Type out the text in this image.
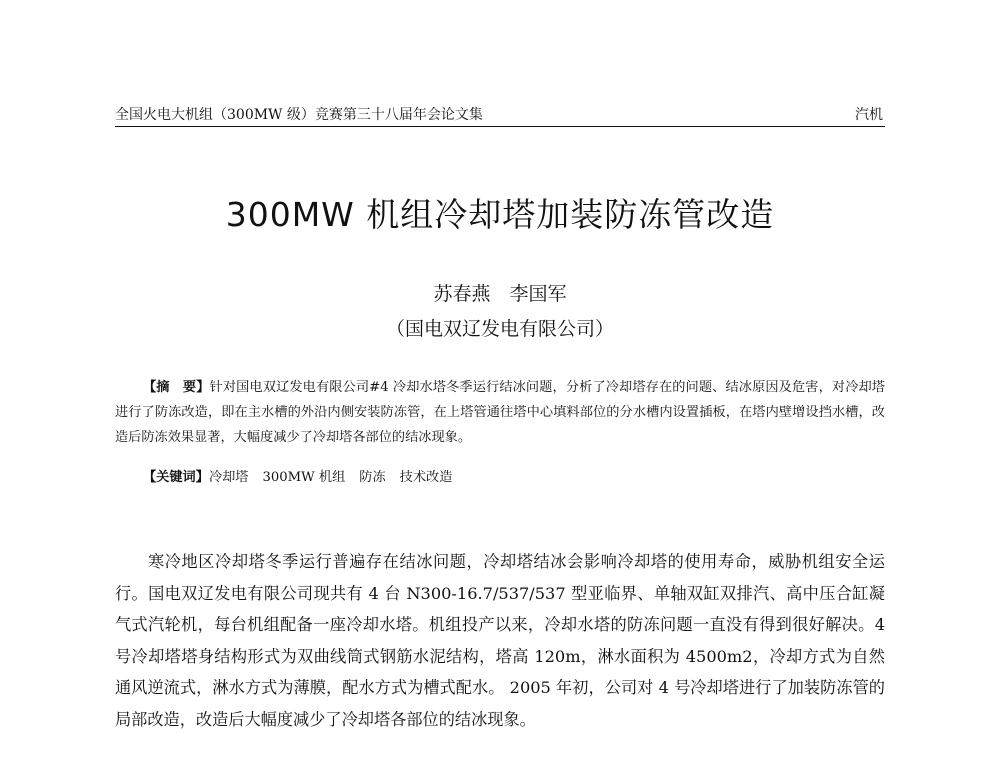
全国火电大机组（300MW 级）竞赛第三十八届年会论文集	汽机
300MW 机组冷却塔加装防冻管改造
苏春燕　李国军
（国电双辽发电有限公司）
【摘　要】针对国电双辽发电有限公司#4 冷却水塔冬季运行结冰问题，分析了冷却塔存在的问题、结冰原因及危害，对冷却塔进行了防冻改造，即在主水槽的外沿内侧安装防冻管，在上塔管通往塔中心填料部位的分水槽内设置插板，在塔内壁增设挡水槽，改造后防冻效果显著，大幅度减少了冷却塔各部位的结冰现象。
【关键词】冷却塔 300MW 机组 防冻 技术改造
寒冷地区冷却塔冬季运行普遍存在结冰问题，冷却塔结冰会影响冷却塔的使用寿命，威胁机组安全运行。国电双辽发电有限公司现共有 4 台 N300-16.7/537/537 型亚临界、单轴双缸双排汽、高中压合缸凝气式汽轮机，每台机组配备一座冷却水塔。机组投产以来，冷却水塔的防冻问题一直没有得到很好解决。4 号冷却塔塔身结构形式为双曲线筒式钢筋水泥结构，塔高 120m，淋水面积为 4500m2，冷却方式为自然通风逆流式，淋水方式为薄膜，配水方式为槽式配水。 2005 年初，公司对 4 号冷却塔进行了加装防冻管的局部改造，改造后大幅度减少了冷却塔各部位的结冰现象。
